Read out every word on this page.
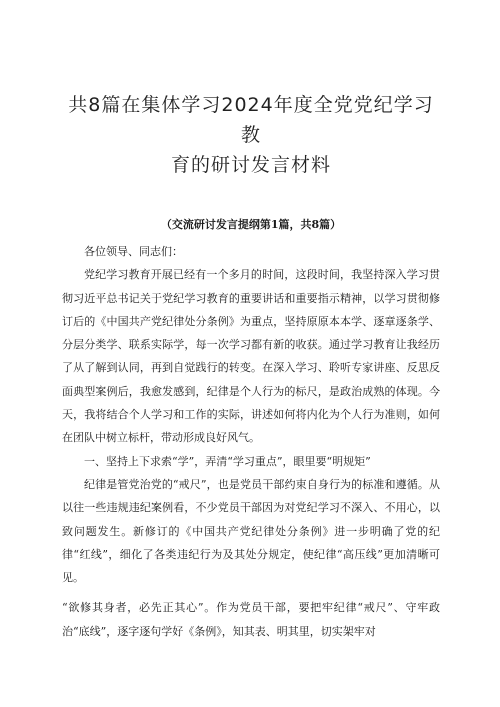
共8篇在集体学习2024年度全党党纪学习教
育的研讨发言材料

（交流研讨发言提纲第1篇，共8篇）

各位领导、同志们：

党纪学习教育开展已经有一个多月的时间，这段时间，我坚持深入学习贯彻习近平总书记关于党纪学习教育的重要讲话和重要指示精神，以学习贯彻修订后的《中国共产党纪律处分条例》为重点，坚持原原本本学、逐章逐条学、分层分类学、联系实际学，每一次学习都有新的收获。通过学习教育让我经历了从了解到认同，再到自觉践行的转变。在深入学习、聆听专家讲座、反思反面典型案例后，我愈发感到，纪律是个人行为的标尺，是政治成熟的体现。今天，我将结合个人学习和工作的实际，讲述如何将内化为个人行为准则，如何在团队中树立标杆，带动形成良好风气。

一、坚持上下求索“学”，弄清“学习重点”，眼里要“明规矩”

纪律是管党治党的“戒尺”，也是党员干部约束自身行为的标准和遵循。从以往一些违规违纪案例看，不少党员干部因为对党纪学习不深入、不用心，以致问题发生。新修订的《中国共产党纪律处分条例》进一步明确了党的纪律“红线”，细化了各类违纪行为及其处分规定，使纪律“高压线”更加清晰可见。

“欲修其身者，必先正其心”。作为党员干部，要把牢纪律“戒尺”、守牢政治“底线”，逐字逐句学好《条例》，知其表、明其里，切实架牢对
